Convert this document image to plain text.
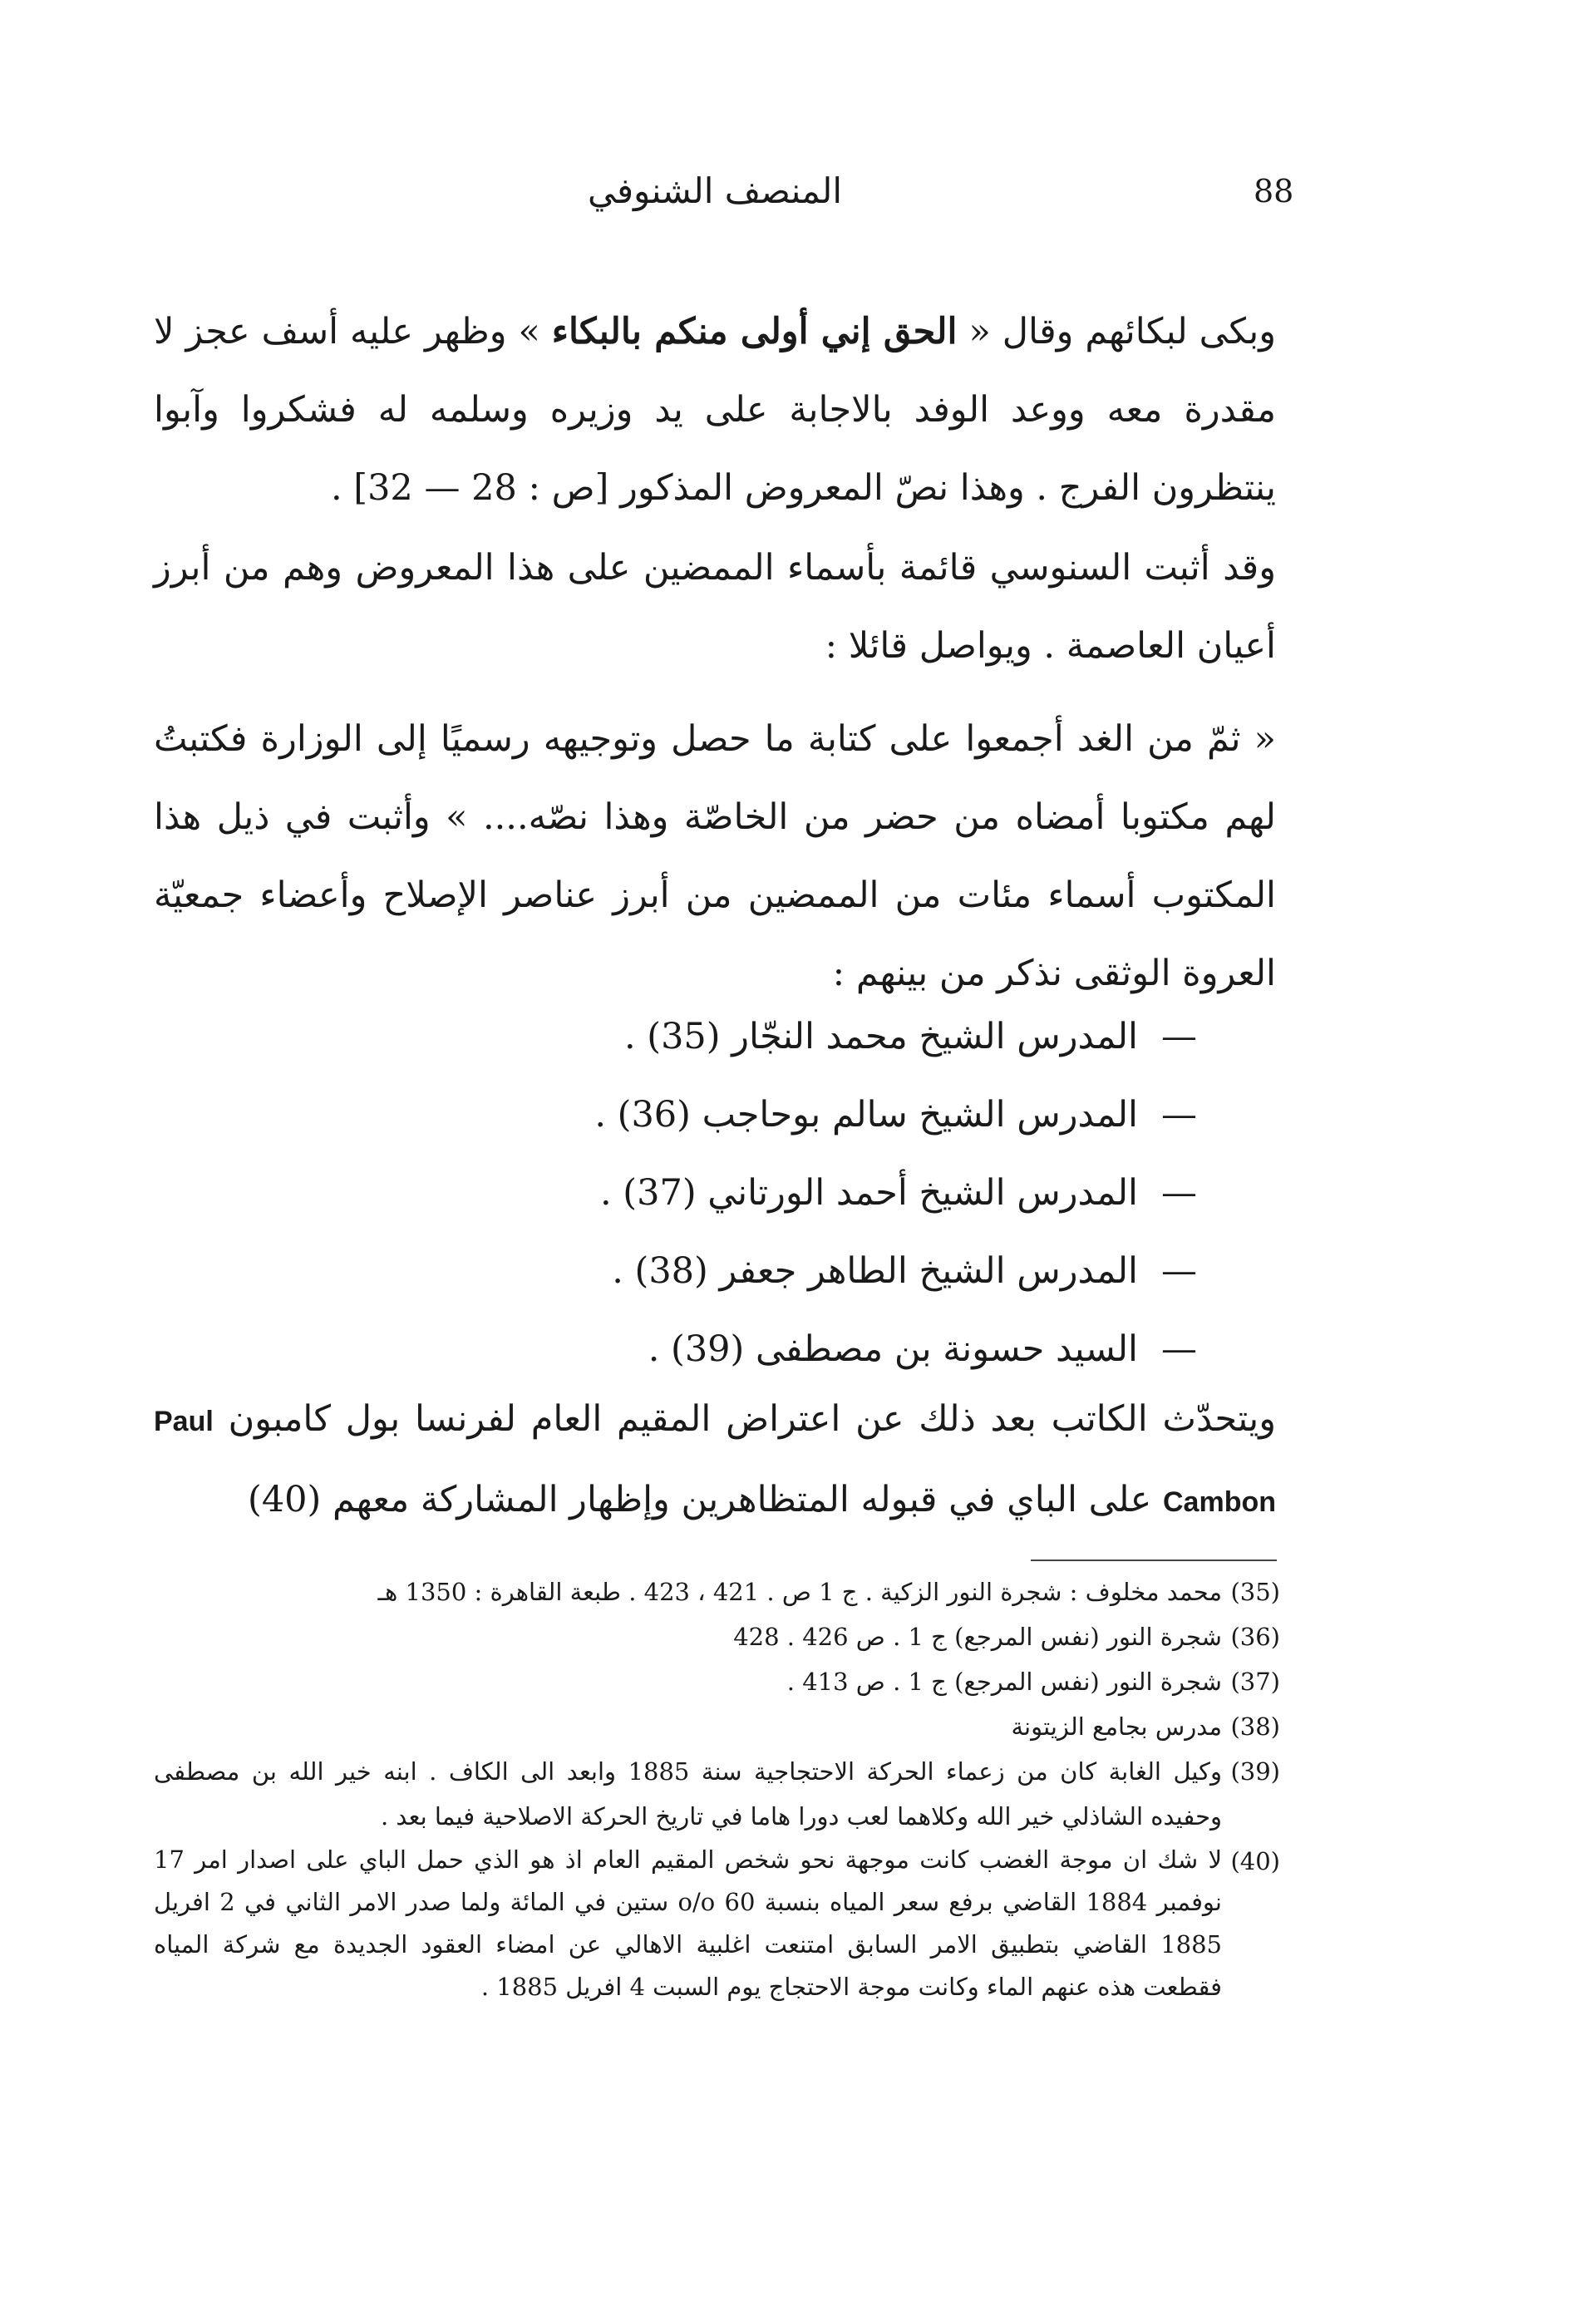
88
المنصف الشنوفي

وبكى لبكائهم وقال « الحق إني أولى منكم بالبكاء » وظهر عليه أسف عجز لا مقدرة معه ووعد الوفد بالاجابة على يد وزيره وسلمه له فشكروا وآبوا ينتظرون الفرج . وهذا نصّ المعروض المذكور [ص : 28 — 32] .

وقد أثبت السنوسي قائمة بأسماء الممضين على هذا المعروض وهم من أبرز أعيان العاصمة . ويواصل قائلا :

« ثمّ من الغد أجمعوا على كتابة ما حصل وتوجيهه رسميًا إلى الوزارة فكتبتُ لهم مكتوبا أمضاه من حضر من الخاصّة وهذا نصّه.... » وأثبت في ذيل هذا المكتوب أسماء مئات من الممضين من أبرز عناصر الإصلاح وأعضاء جمعيّة العروة الوثقى نذكر من بينهم :

—المدرس الشيخ محمد النجّار (35) .
—المدرس الشيخ سالم بوحاجب (36) .
—المدرس الشيخ أحمد الورتاني (37) .
—المدرس الشيخ الطاهر جعفر (38) .
—السيد حسونة بن مصطفى (39) .

ويتحدّث الكاتب بعد ذلك عن اعتراض المقيم العام لفرنسا بول كامبون Paul Cambon على الباي في قبوله المتظاهرين وإظهار المشاركة معهم (40)

(35)
محمد مخلوف : شجرة النور الزكية . ج 1 ص . 421 ، 423 . طبعة القاهرة : 1350 هـ
(36)
شجرة النور (نفس المرجع) ج 1 . ص 426 . 428
(37)
شجرة النور (نفس المرجع) ج 1 . ص 413 .
(38)
مدرس بجامع الزيتونة
(39)
وكيل الغابة كان من زعماء الحركة الاحتجاجية سنة 1885 وابعد الى الكاف . ابنه خير الله بن مصطفى وحفيده الشاذلي خير الله وكلاهما لعب دورا هاما في تاريخ الحركة الاصلاحية فيما بعد .
(40)
لا شك ان موجة الغضب كانت موجهة نحو شخص المقيم العام اذ هو الذي حمل الباي على اصدار امر 17 نوفمبر 1884 القاضي برفع سعر المياه بنسبة 60 o/o ستين في المائة ولما صدر الامر الثاني في 2 افريل 1885 القاضي بتطبيق الامر السابق امتنعت اغلبية الاهالي عن امضاء العقود الجديدة مع شركة المياه فقطعت هذه عنهم الماء وكانت موجة الاحتجاج يوم السبت 4 افريل 1885 .
